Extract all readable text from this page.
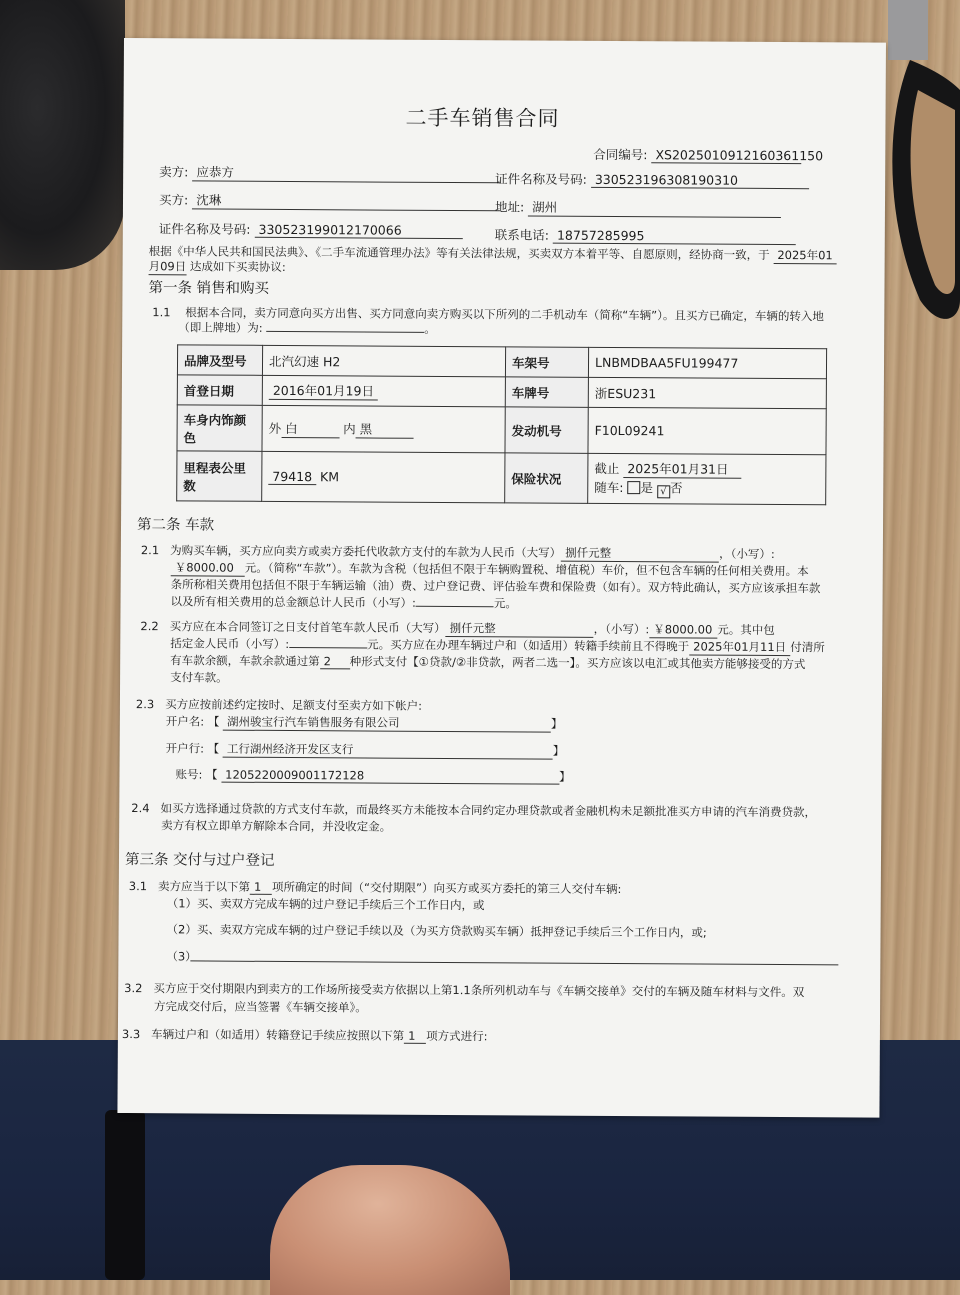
二手车销售合同
合同编号: XS2025010912160361150
卖方: 应恭方	证件名称及号码: 330523196308190310
买方: 沈琳	地址: 湖州
证件名称及号码: 330523199012170066	联系电话: 18757285995
根据《中华人民共和国民法典》、《二手车流通管理办法》等有关法律法规，买卖双方本着平等、自愿原则，经协商一致，于 2025年01
月09日 达成如下买卖协议:
第一条 销售和购买
1.1 根据本合同，卖方同意向买方出售、买方同意向卖方购买以下所列的二手机动车（简称“车辆”）。且买方已确定，车辆的转入地
（即上牌地）为:	。
品牌及型号	北汽幻速 H2	车架号	LNBMDBAA5FU199477
首登日期	2016年01月19日	车牌号	浙ESU231
车身内饰颜色	外 白 内 黑	发动机号	F10L09241
里程表公里数	79418 KM	保险状况	截止 2025年01月31日
随车: 是 √ 否
第二条 车款
2.1 为购买车辆，买方应向卖方或卖方委托代收款方支付的车款为人民币（大写） 捌仟元整	，（小写）:
￥8000.00 元。（简称“车款”）。车款为含税（包括但不限于车辆购置税、增值税）车价，但不包含车辆的任何相关费用。本
条所称相关费用包括但不限于车辆运输（油）费、过户登记费、评估验车费和保险费（如有）。双方特此确认，买方应该承担车款
以及所有相关费用的总金额总计人民币（小写）:	元。
2.2 买方应在本合同签订之日支付首笔车款人民币（大写） 捌仟元整	，（小写）: ￥8000.00 元。其中包
括定金人民币（小写）:	元。买方应在办理车辆过户和（如适用）转籍手续前且不得晚于 2025年01月11日 付清所
有车款余额，车款余款通过第 2 种形式支付【①贷款/②非贷款，两者二选一】。买方应该以电汇或其他卖方能够接受的方式
支付车款。
2.3 买方应按前述约定按时、足额支付至卖方如下帐户:
开户名: 【 湖州骏宝行汽车销售服务有限公司	】
开户行: 【 工行湖州经济开发区支行	】
账号: 【 1205220009001172128	】
2.4 如买方选择通过贷款的方式支付车款，而最终买方未能按本合同约定办理贷款或者金融机构未足额批准买方申请的汽车消费贷款，
卖方有权立即单方解除本合同，并没收定金。
第三条 交付与过户登记
3.1 卖方应当于以下第 1 项所确定的时间（“交付期限”）向买方或买方委托的第三人交付车辆:
（1）买、卖双方完成车辆的过户登记手续后三个工作日内，或
（2）买、卖双方完成车辆的过户登记手续以及（为买方贷款购买车辆）抵押登记手续后三个工作日内，或;
（3）
3.2 买方应于交付期限内到卖方的工作场所接受卖方依据以上第1.1条所列机动车与《车辆交接单》交付的车辆及随车材料与文件。双
方完成交付后，应当签署《车辆交接单》。
3.3 车辆过户和（如适用）转籍登记手续应按照以下第 1 项方式进行:
